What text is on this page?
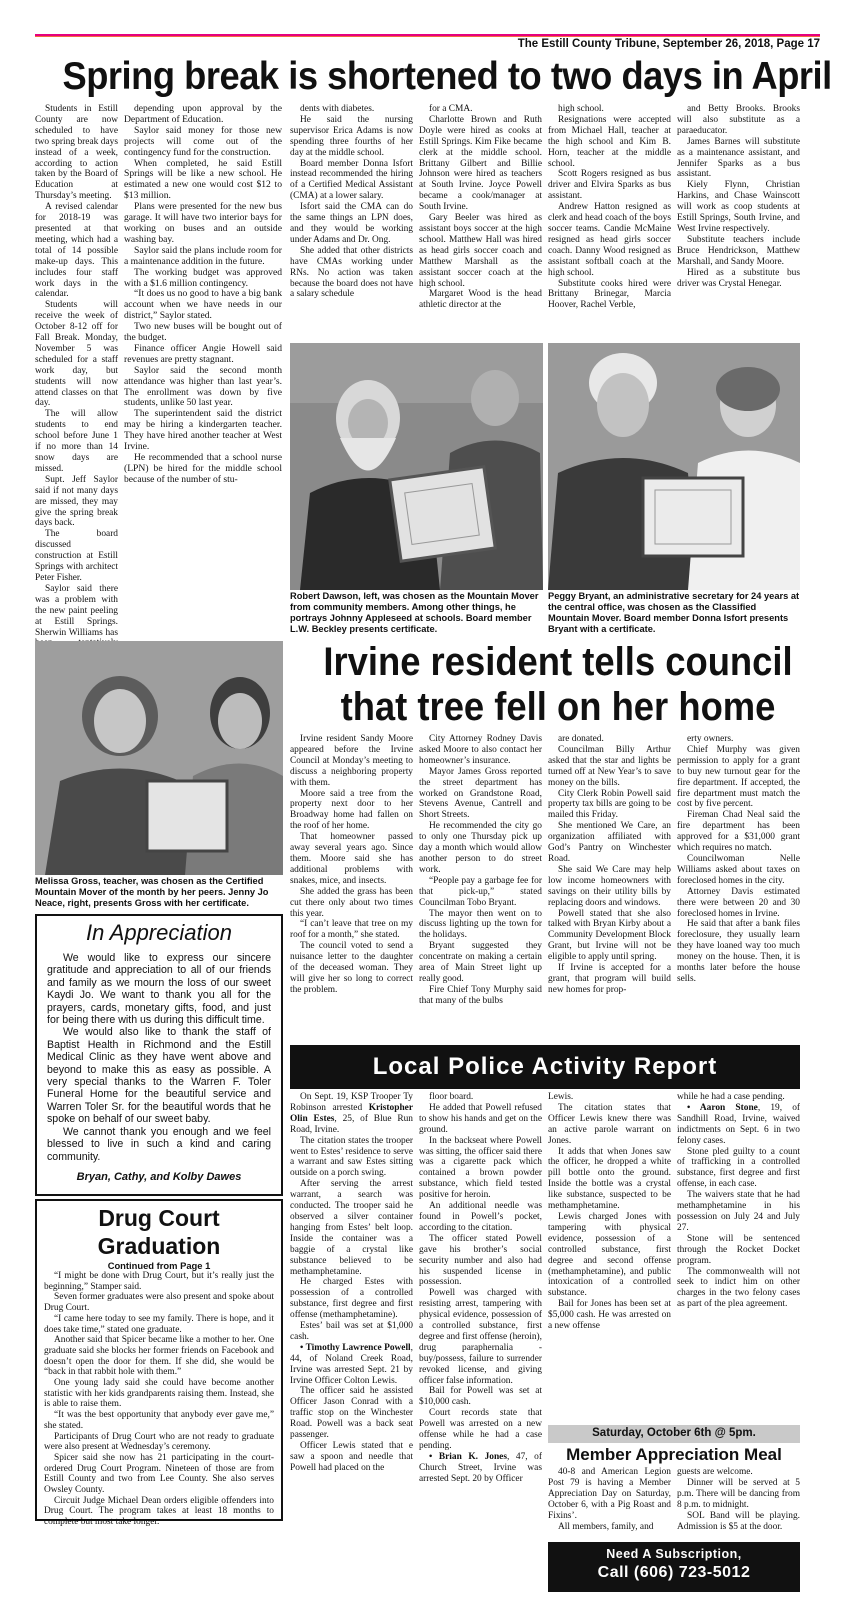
The Estill County Tribune, September 26, 2018, Page 17
Spring break is shortened to two days in April

Students in Estill County are now scheduled to have two spring break days instead of a week, according to action taken by the Board of Education at Thursday’s meeting.

A revised calendar for 2018-19 was presented at that meeting, which had a total of 14 possible make-up days. This includes four staff work days in the calendar.

Students will receive the week of October 8-12 off for Fall Break. Monday, November 5 was scheduled for a staff work day, but students will now attend classes on that day.

The will allow students to end school before June 1 if no more than 14 snow days are missed.

Supt. Jeff Saylor said if not many days are missed, they may give the spring break days back.

The board discussed construction at Estill Springs with architect Peter Fisher.

Saylor said there was a problem with the new paint peeling at Estill Springs. Sherwin Williams has

depending upon approval by the Department of Education.

Saylor said money for those new projects will come out of the contingency fund for the construction.

When completed, he said Estill Springs will be like a new school. He estimated a new one would cost $12 to $13 million.

Plans were presented for the new bus garage. It will have two interior bays for working on buses and an outside washing bay.

Saylor said the plans include room for a maintenance addition in the future.

The working budget was approved with a $1.6 million contingency.

“It does us no good to have a big bank account when we have needs in our district,” Saylor stated.

Two new buses will be bought out of the budget.

Finance officer Angie Howell said revenues are pretty stagnant.

Saylor said the second month attendance was higher than last year’s. The enrollment was down by five students, unlike 50 last year.

The superintendent said the district may be hiring a kindergarten teacher. They have hired another teacher at West Irvine.

He recommended that a school nurse (LPN) be hired for the middle school because of the number of stu-

dents with diabetes.

He said the nursing supervisor Erica Adams is now spending three fourths of her day at the middle school.

Board member Donna Isfort instead recommended the hiring of a Certified Medical Assistant (CMA) at a lower salary.

Isfort said the CMA can do the same things an LPN does, and they would be working under Adams and Dr. Ong.

She added that other districts have CMAs working under RNs. No action was taken because the board does not have a salary schedule

for a CMA.

Charlotte Brown and Ruth Doyle were hired as cooks at Estill Springs. Kim Fike became clerk at the middle school. Brittany Gilbert and Billie Johnson were hired as teachers at South Irvine. Joyce Powell became a cook/manager at South Irvine.

Gary Beeler was hired as assistant boys soccer at the high school. Matthew Hall was hired as head girls soccer coach and Matthew Marshall as the assistant soccer coach at the high school.

Margaret Wood is the head athletic director at the

high school.

Resignations were accepted from Michael Hall, teacher at the high school and Kim B. Horn, teacher at the middle school.

Scott Rogers resigned as bus driver and Elvira Sparks as bus assistant.

Andrew Hatton resigned as clerk and head coach of the boys soccer teams. Candie McMaine resigned as head girls soccer coach. Danny Wood resigned as assistant softball coach at the high school.

Substitute cooks hired were Brittany Brinegar, Marcia Hoover, Rachel Verble,

and Betty Brooks. Brooks will also substitute as a paraeducator.

James Barnes will substitute as a maintenance assistant, and Jennifer Sparks as a bus assistant.

Kiely Flynn, Christian Harkins, and Chase Wainscott will work as coop students at Estill Springs, South Irvine, and West Irvine respectively.

Substitute teachers include Bruce Hendrickson, Matthew Marshall, and Sandy Moore.

Hired as a substitute bus driver was Crystal Henegar.

Robert Dawson, left, was chosen as the Mountain Mover from community members. Among other things, he portrays Johnny Appleseed at schools. Board member L.W. Beckley presents certificate.
Peggy Bryant, an administrative secretary for 24 years at the central office, was chosen as the Classified Mountain Mover. Board member Donna Isfort presents Bryant with a certificate.
Melissa Gross, teacher, was chosen as the Certified Mountain Mover of the month by her peers. Jenny Jo Neace, right, presents Gross with her certificate.
Irvine resident tells council
that tree fell on her home

Irvine resident Sandy Moore appeared before the Irvine Council at Monday’s meeting to discuss a neighboring property with them.

Moore said a tree from the property next door to her Broadway home had fallen on the roof of her home.

That homeowner passed away several years ago. Since them. Moore said she has additional problems with snakes, mice, and insects.

She added the grass has been cut there only about two times this year.

“I can’t leave that tree on my roof for a month,” she stated.

The council voted to send a nuisance letter to the daughter of the deceased woman. They will give her so long to correct the problem.

City Attorney Rodney Davis asked Moore to also contact her homeowner’s insurance.

Mayor James Gross reported the street department has worked on Grandstone Road, Stevens Avenue, Cantrell and Short Streets.

He recommended the city go to only one Thursday pick up day a month which would allow another person to do street work.

“People pay a garbage fee for that pick-up,” stated Councilman Tobo Bryant.

The mayor then went on to discuss lighting up the town for the holidays.

Bryant suggested they concentrate on making a certain area of Main Street light up really good.

Fire Chief Tony Murphy said that many of the bulbs

are donated.

Councilman Billy Arthur asked that the star and lights be turned off at New Year’s to save money on the bills.

City Clerk Robin Powell said property tax bills are going to be mailed this Friday.

She mentioned We Care, an organization affiliated with God’s Pantry on Winchester Road.

She said We Care may help low income homeowners with savings on their utility bills by replacing doors and windows.

Powell stated that she also talked with Bryan Kirby about a Community Development Block Grant, but Irvine will not be eligible to apply until spring.

If Irvine is accepted for a grant, that program will build new homes for prop-

erty owners.

Chief Murphy was given permission to apply for a grant to buy new turnout gear for the fire department. If accepted, the fire department must match the cost by five percent.

Fireman Chad Neal said the fire department has been approved for a $31,000 grant which requires no match.

Councilwoman Nelle Williams asked about taxes on foreclosed homes in the city.

Attorney Davis estimated there were between 20 and 30 foreclosed homes in Irvine.

He said that after a bank files foreclosure, they usually learn they have loaned way too much money on the house. Then, it is months later before the house sells.

In Appreciation

We would like to express our sincere gratitude and appreciation to all of our friends and family as we mourn the loss of our sweet Kaydi Jo. We want to thank you all for the prayers, cards, monetary gifts, food, and just for being there with us during this difficult time.

We would also like to thank the staff of Baptist Health in Richmond and the Estill Medical Clinic as they have went above and beyond to make this as easy as possible. A very special thanks to the Warren F. Toler Funeral Home for the beautiful service and Warren Toler Sr. for the beautiful words that he spoke on behalf of our sweet baby.

We cannot thank you enough and we feel blessed to live in such a kind and caring community.

Bryan, Cathy, and Kolby Dawes
Drug Court Graduation
Continued from Page 1

“I might be done with Drug Court, but it’s really just the beginning,” Stamper said.

Seven former graduates were also present and spoke about Drug Court.

“I came here today to see my family. There is hope, and it does take time,” stated one graduate.

Another said that Spicer became like a mother to her. One graduate said she blocks her former friends on Facebook and doesn’t open the door for them. If she did, she would be “back in that rabbit hole with them.”

One young lady said she could have become another statistic with her kids grandparents raising them. Instead, she is able to raise them.

“It was the best opportunity that anybody ever gave me,” she stated.

Participants of Drug Court who are not ready to graduate were also present at Wednesday’s ceremony.

Spicer said she now has 21 participating in the court-ordered Drug Court Program. Nineteen of those are from Estill County and two from Lee County. She also serves Owsley County.

Circuit Judge Michael Dean orders eligible offenders into Drug Court. The program takes at least 18 months to complete but most take longer.

Local Police Activity Report

On Sept. 19, KSP Trooper Ty Robinson arrested Kristopher Olin Estes, 25, of Blue Run Road, Irvine.

The citation states the trooper went to Estes’ residence to serve a warrant and saw Estes sitting outside on a porch swing.

After serving the arrest warrant, a search was conducted. The trooper said he observed a silver container hanging from Estes’ belt loop. Inside the container was a baggie of a crystal like substance believed to be methamphetamine.

He charged Estes with possession of a controlled substance, first degree and first offense (methamphetamine).

Estes’ bail was set at $1,000 cash.

• Timothy Lawrence Powell, 44, of Noland Creek Road, Irvine was arrested Sept. 21 by Irvine Officer Colton Lewis.

The officer said he assisted Officer Jason Conrad with a traffic stop on the Winchester Road. Powell was a back seat passenger.

Officer Lewis stated that e saw a spoon and needle that Powell had placed on the

floor board.

He added that Powell refused to show his hands and get on the ground.

In the backseat where Powell was sitting, the officer said there was a cigarette pack which contained a brown powder substance, which field tested positive for heroin.

An additional needle was found in Powell’s pocket, according to the citation.

The officer stated Powell gave his brother’s social security number and also had his suspended license in possession.

Powell was charged with resisting arrest, tampering with physical evidence, possession of a controlled substance, first degree and first offense (heroin), drug paraphernalia - buy/possess, failure to surrender revoked license, and giving officer false information.

Bail for Powell was set at $10,000 cash.

Court records state that Powell was arrested on a new offense while he had a case pending.

• Brian K. Jones, 47, of Church Street, Irvine was arrested Sept. 20 by Officer

Lewis.

The citation states that Officer Lewis knew there was an active parole warrant on Jones.

It adds that when Jones saw the officer, he dropped a white pill bottle onto the ground. Inside the bottle was a crystal like substance, suspected to be methamphetamine.

Lewis charged Jones with tampering with physical evidence, possession of a controlled substance, first degree and second offense (methamphetamine), and public intoxication of a controlled substance.

Bail for Jones has been set at $5,000 cash. He was arrested on a new offense

while he had a case pending.

• Aaron Stone, 19, of Sandhill Road, Irvine, waived indictments on Sept. 6 in two felony cases.

Stone pled guilty to a count of trafficking in a controlled substance, first degree and first offense, in each case.

The waivers state that he had methamphetamine in his possession on July 24 and July 27.

Stone will be sentenced through the Rocket Docket program.

The commonwealth will not seek to indict him on other charges in the two felony cases as part of the plea agreement.

Saturday, October 6th @ 5pm.
Member Appreciation Meal

40-8 and American Legion Post 79 is having a Member Appreciation Day on Saturday, October 6, with a Pig Roast and Fixins’.

All members, family, and

guests are welcome.

Dinner will be served at 5 p.m. There will be dancing from 8 p.m. to midnight.

SOL Band will be playing. Admission is $5 at the door.

Need A Subscription,
Call (606) 723-5012
